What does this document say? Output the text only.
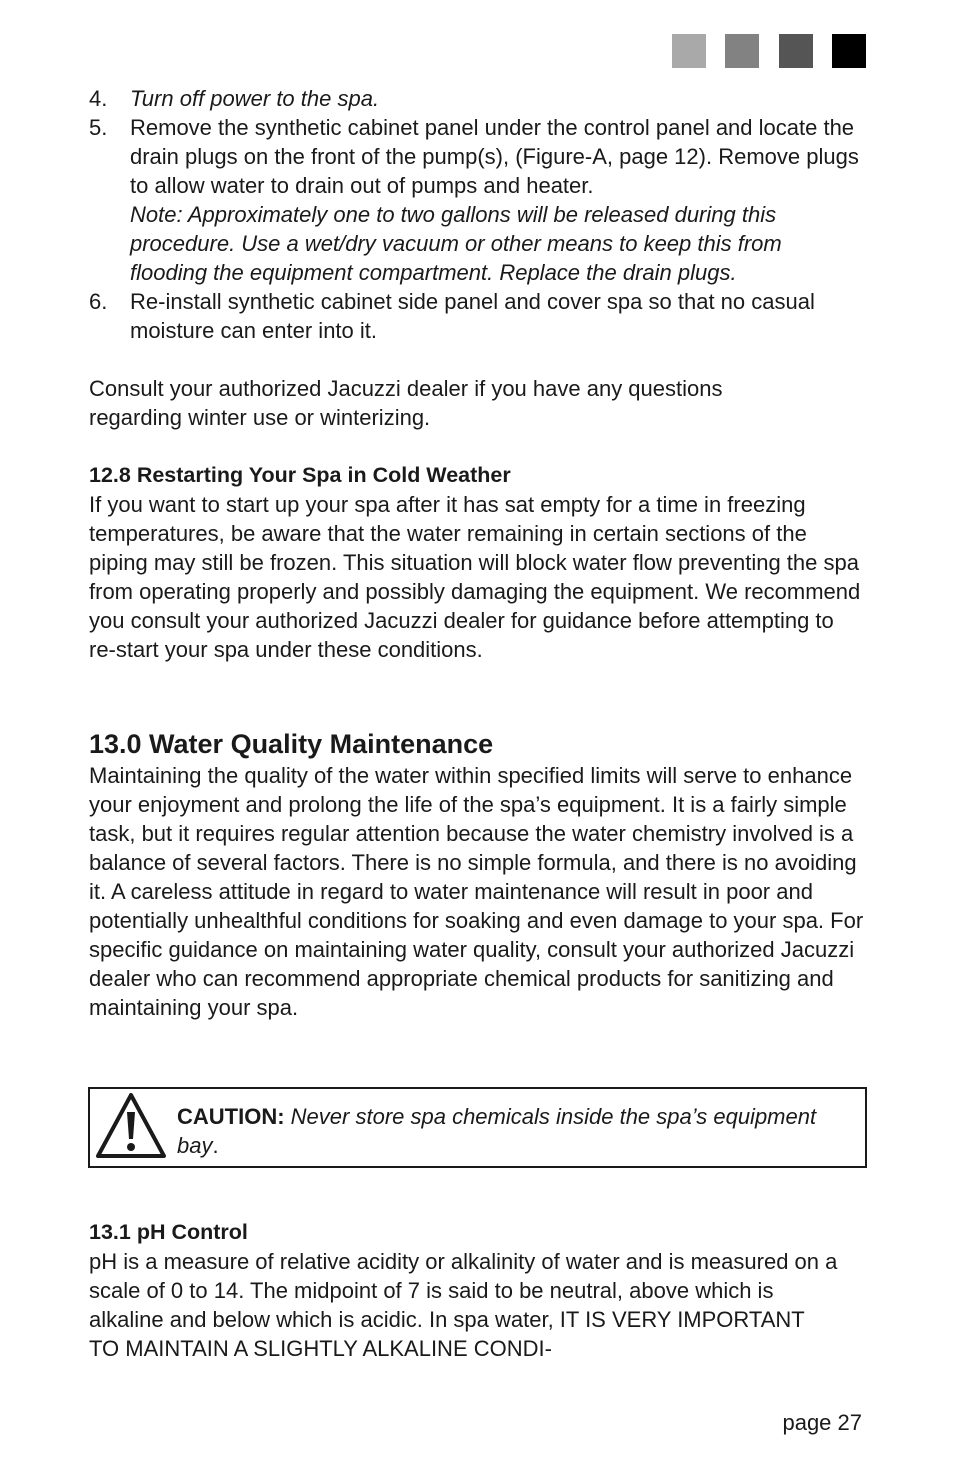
4. Turn off power to the spa.
5. Remove the synthetic cabinet panel under the control panel and locate the drain plugs on the front of the pump(s), (Figure-A, page 12). Remove plugs to allow water to drain out of pumps and heater.
Note: Approximately one to two gallons will be released during this procedure. Use a wet/dry vacuum or other means to keep this from flooding the equipment compartment. Replace the drain plugs.
6. Re-install synthetic cabinet side panel and cover spa so that no casual moisture can enter into it.

Consult your authorized Jacuzzi dealer if you have any questions regarding winter use or winterizing.

12.8 Restarting Your Spa in Cold Weather

If you want to start up your spa after it has sat empty for a time in freezing temperatures, be aware that the water remaining in certain sections of the piping may still be frozen. This situation will block water flow preventing the spa from operating properly and possibly damaging the equipment. We recommend you consult your authorized Jacuzzi dealer for guidance before attempting to re-start your spa under these conditions.

13.0 Water Quality Maintenance

Maintaining the quality of the water within specified limits will serve to enhance your enjoyment and prolong the life of the spa’s equipment. It is a fairly simple task, but it requires regular attention because the water chemistry involved is a balance of several factors. There is no simple formula, and there is no avoiding it. A careless attitude in regard to water maintenance will result in poor and potentially unhealthful conditions for soaking and even damage to your spa. For specific guidance on maintaining water quality, consult your authorized Jacuzzi dealer who can recommend appropriate chemical products for sanitizing and maintaining your spa.

CAUTION: Never store spa chemicals inside the spa’s equipment bay.
13.1 pH Control

pH is a measure of relative acidity or alkalinity of water and is measured on a scale of 0 to 14. The midpoint of 7 is said to be neutral, above which is alkaline and below which is acidic. In spa water, IT IS VERY IMPORTANT TO MAINTAIN A SLIGHTLY ALKALINE CONDI-

page 27
